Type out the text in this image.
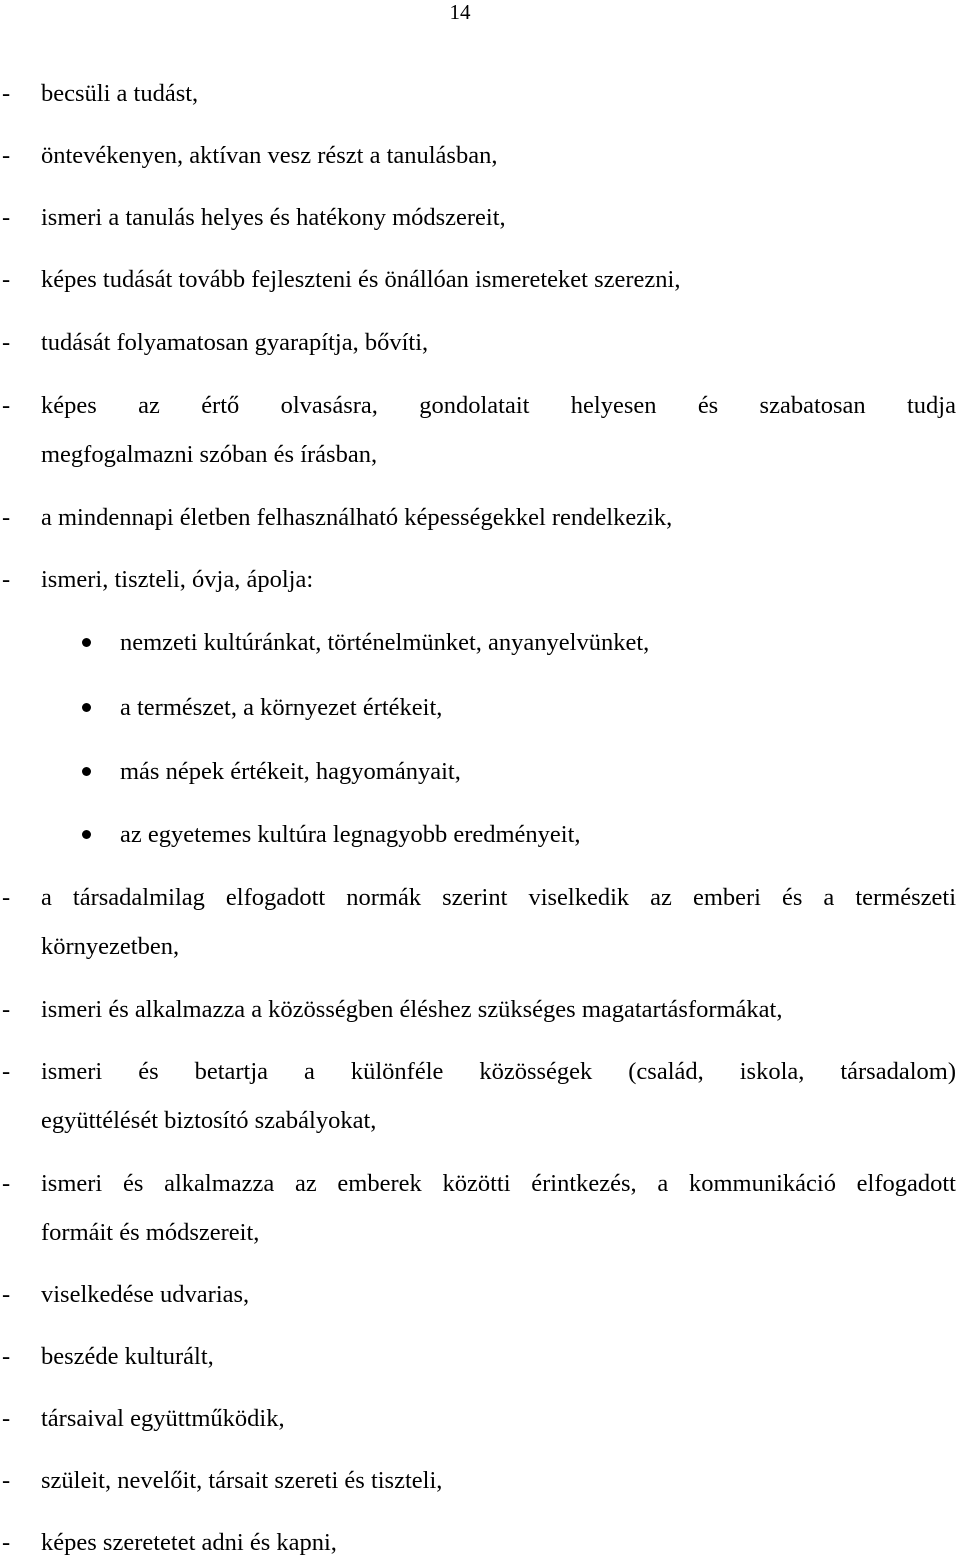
14
- becsüli a tudást,
- öntevékenyen, aktívan vesz részt a tanulásban,
- ismeri a tanulás helyes és hatékony módszereit,
- képes tudását tovább fejleszteni és önállóan ismereteket szerezni,
- tudását folyamatosan gyarapítja, bővíti,
- képes az értő olvasásra, gondolatait helyesen és szabatosan tudja
megfogalmazni szóban és írásban,
- a mindennapi életben felhasználható képességekkel rendelkezik,
- ismeri, tiszteli, óvja, ápolja:
nemzeti kultúránkat, történelmünket, anyanyelvünket,
a természet, a környezet értékeit,
más népek értékeit, hagyományait,
az egyetemes kultúra legnagyobb eredményeit,
- a társadalmilag elfogadott normák szerint viselkedik az emberi és a természeti
környezetben,
- ismeri és alkalmazza a közösségben éléshez szükséges magatartásformákat,
- ismeri és betartja a különféle közösségek (család, iskola, társadalom)
együttélését biztosító szabályokat,
- ismeri és alkalmazza az emberek közötti érintkezés, a kommunikáció elfogadott
formáit és módszereit,
- viselkedése udvarias,
- beszéde kulturált,
- társaival együttműködik,
- szüleit, nevelőit, társait szereti és tiszteli,
- képes szeretetet adni és kapni,
